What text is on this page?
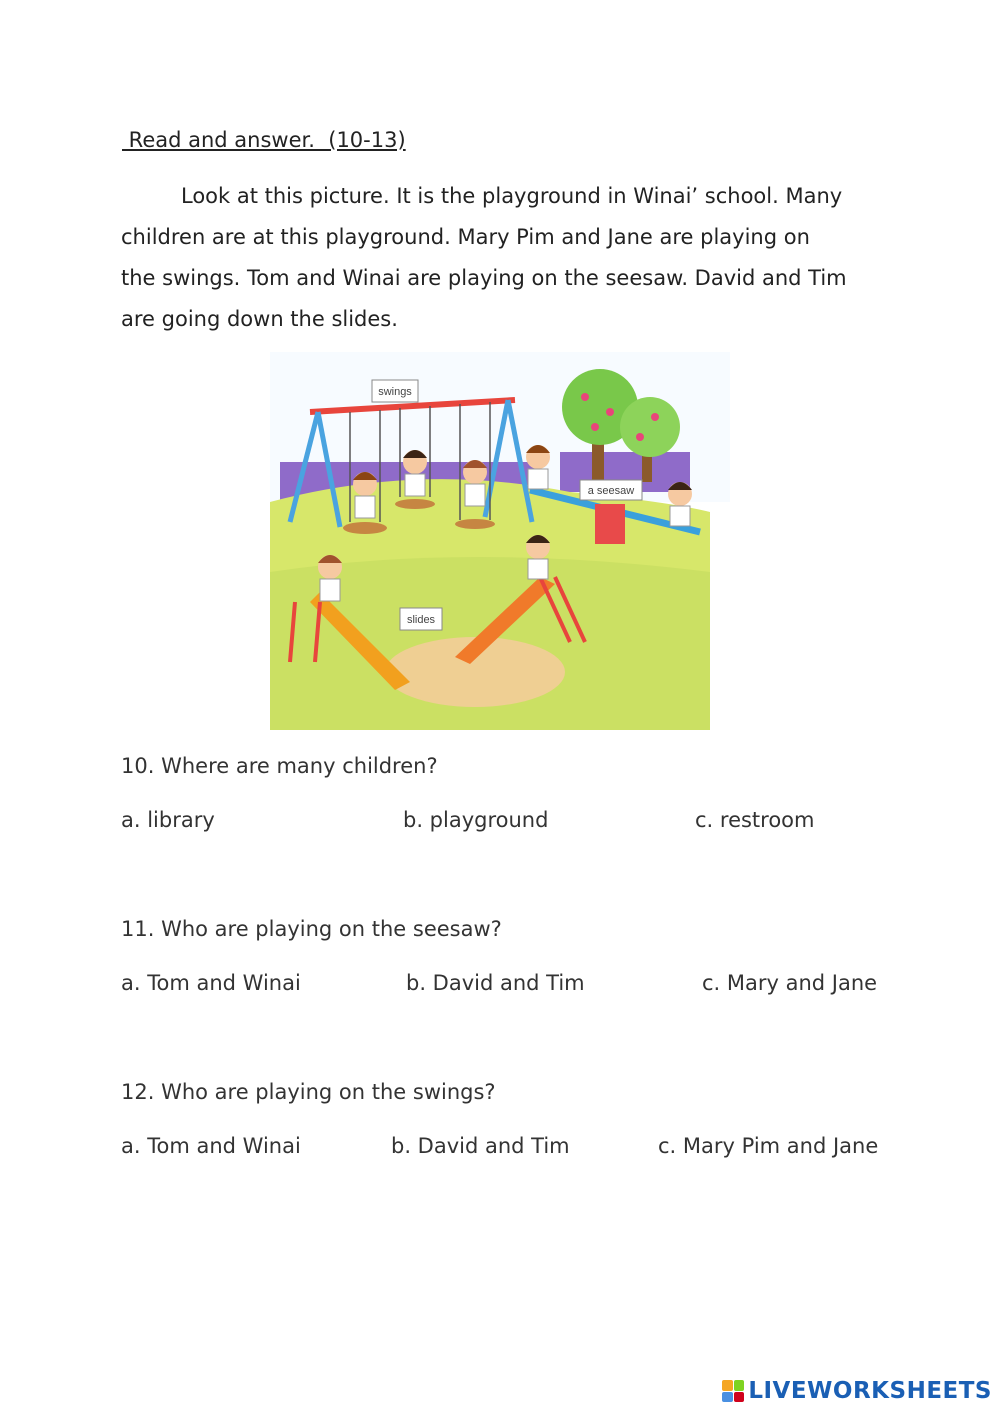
Read and answer.  (10-13)

Look at this picture. It is the playground in Winai’ school. Many

children are at this playground. Mary Pim and Jane are playing on

the swings. Tom and Winai are playing on the seesaw. David and Tim

are going down the slides.

swings
a seesaw
slides
10. Where are many children?
a. library	b. playground	c. restroom
11. Who are playing on the seesaw?
a. Tom and Winai	b. David and Tim	c. Mary and Jane
12. Who are playing on the swings?
a. Tom and Winai	b. David and Tim	c. Mary Pim and Jane
LIVEWORKSHEETS
